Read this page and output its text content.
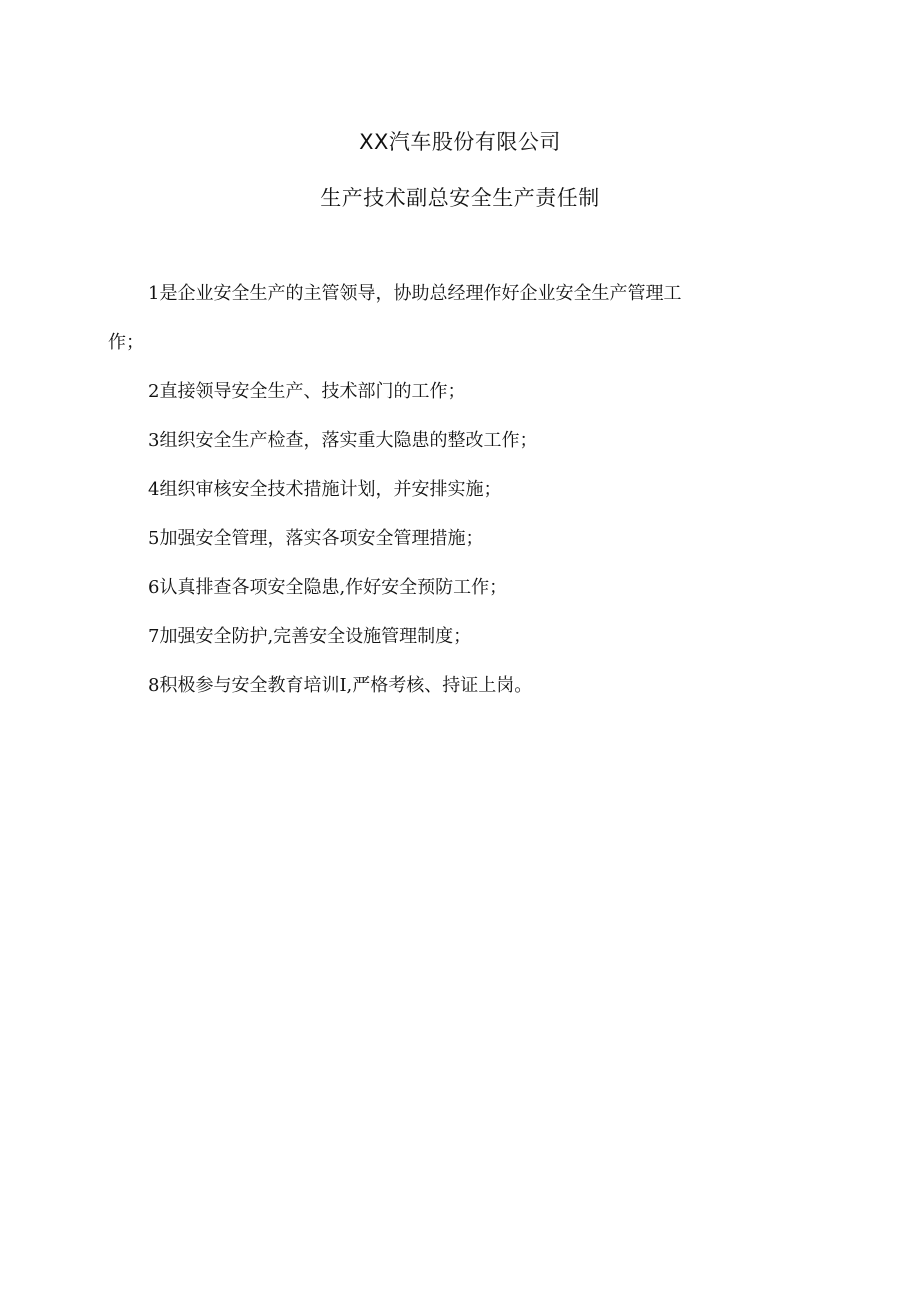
XX汽车股份有限公司
生产技术副总安全生产责任制

1是企业安全生产的主管领导，协助总经理作好企业安全生产管理工
作；

2直接领导安全生产、技术部门的工作；

3组织安全生产检查，落实重大隐患的整改工作；

4组织审核安全技术措施计划，并安排实施；

5加强安全管理，落实各项安全管理措施；

6认真排查各项安全隐患,作好安全预防工作；

7加强安全防护,完善安全设施管理制度；

8积极参与安全教育培训I,严格考核、持证上岗。
